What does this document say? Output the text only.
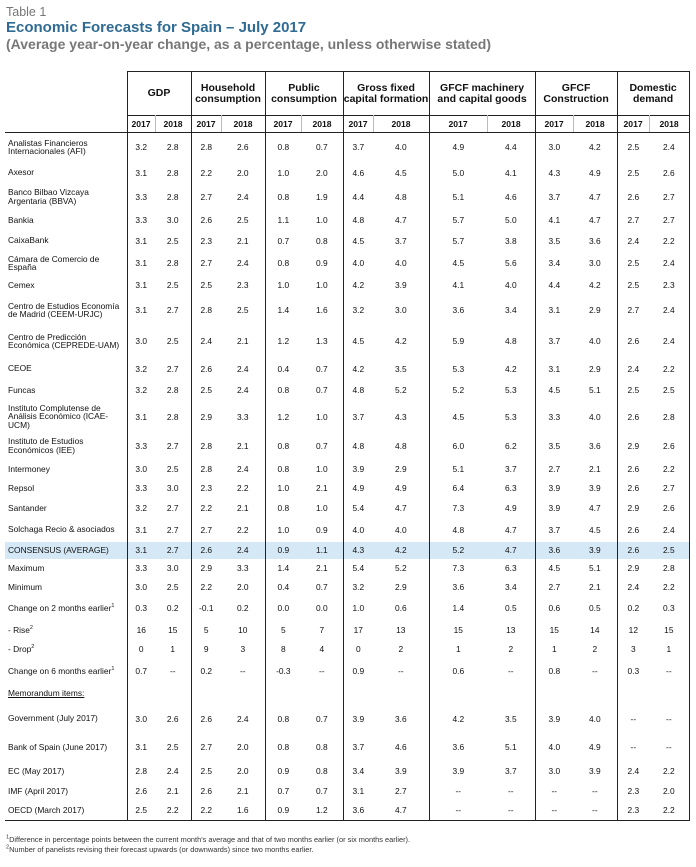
Table 1
Economic Forecasts for Spain – July 2017
(Average year-on-year change, as a percentage, unless otherwise stated)
	GDP		Household consumption		Public consumption		Gross fixed capital formation		GFCF machinery and capital goods		GFCF Construction		Domestic demand	
	2017	2018	2017	2018	2017	2018	2017	2018	2017	2018	2017	2018	2017	2018
Analistas Financieros Internacionales (AFI)	3.2	2.8	2.8	2.6	0.8	0.7	3.7	4.0	4.9	4.4	3.0	4.2	2.5	2.4
Axesor	3.1	2.8	2.2	2.0	1.0	2.0	4.6	4.5	5.0	4.1	4.3	4.9	2.5	2.6
Banco Bilbao Vizcaya Argentaria (BBVA)	3.3	2.8	2.7	2.4	0.8	1.9	4.4	4.8	5.1	4.6	3.7	4.7	2.6	2.7
Bankia	3.3	3.0	2.6	2.5	1.1	1.0	4.8	4.7	5.7	5.0	4.1	4.7	2.7	2.7
CaixaBank	3.1	2.5	2.3	2.1	0.7	0.8	4.5	3.7	5.7	3.8	3.5	3.6	2.4	2.2
Cámara de Comercio de España	3.1	2.8	2.7	2.4	0.8	0.9	4.0	4.0	4.5	5.6	3.4	3.0	2.5	2.4
Cemex	3.1	2.5	2.5	2.3	1.0	1.0	4.2	3.9	4.1	4.0	4.4	4.2	2.5	2.3
Centro de Estudios Economía de Madrid (CEEM-URJC)	3.1	2.7	2.8	2.5	1.4	1.6	3.2	3.0	3.6	3.4	3.1	2.9	2.7	2.4
Centro de Predicción Económica (CEPREDE-UAM)	3.0	2.5	2.4	2.1	1.2	1.3	4.5	4.2	5.9	4.8	3.7	4.0	2.6	2.4
CEOE	3.2	2.7	2.6	2.4	0.4	0.7	4.2	3.5	5.3	4.2	3.1	2.9	2.4	2.2
Funcas	3.2	2.8	2.5	2.4	0.8	0.7	4.8	5.2	5.2	5.3	4.5	5.1	2.5	2.5
Instituto Complutense de Análisis Económico (ICAE-UCM)	3.1	2.8	2.9	3.3	1.2	1.0	3.7	4.3	4.5	5.3	3.3	4.0	2.6	2.8
Instituto de Estudios Económicos (IEE)	3.3	2.7	2.8	2.1	0.8	0.7	4.8	4.8	6.0	6.2	3.5	3.6	2.9	2.6
Intermoney	3.0	2.5	2.8	2.4	0.8	1.0	3.9	2.9	5.1	3.7	2.7	2.1	2.6	2.2
Repsol	3.3	3.0	2.3	2.2	1.0	2.1	4.9	4.9	6.4	6.3	3.9	3.9	2.6	2.7
Santander	3.2	2.7	2.2	2.1	0.8	1.0	5.4	4.7	7.3	4.9	3.9	4.7	2.9	2.6
Solchaga Recio & asociados	3.1	2.7	2.7	2.2	1.0	0.9	4.0	4.0	4.8	4.7	3.7	4.5	2.6	2.4
CONSENSUS (AVERAGE)	3.1	2.7	2.6	2.4	0.9	1.1	4.3	4.2	5.2	4.7	3.6	3.9	2.6	2.5
Maximum	3.3	3.0	2.9	3.3	1.4	2.1	5.4	5.2	7.3	6.3	4.5	5.1	2.9	2.8
Minimum	3.0	2.5	2.2	2.0	0.4	0.7	3.2	2.9	3.6	3.4	2.7	2.1	2.4	2.2
Change on 2 months earlier$^1$	0.3	0.2	-0.1	0.2	0.0	0.0	1.0	0.6	1.4	0.5	0.6	0.5	0.2	0.3
- Rise$^2$	16	15	5	10	5	7	17	13	15	13	15	14	12	15
- Drop$^2$	0	1	9	3	8	4	0	2	1	2	1	2	3	1
Change on 6 months earlier$^1$	0.7	--	0.2	--	-0.3	--	0.9	--	0.6	--	0.8	--	0.3	--
Memorandum items:														
Government (July 2017)	3.0	2.6	2.6	2.4	0.8	0.7	3.9	3.6	4.2	3.5	3.9	4.0	--	--
Bank of Spain (June 2017)	3.1	2.5	2.7	2.0	0.8	0.8	3.7	4.6	3.6	5.1	4.0	4.9	--	--
EC (May 2017)	2.8	2.4	2.5	2.0	0.9	0.8	3.4	3.9	3.9	3.7	3.0	3.9	2.4	2.2
IMF (April 2017)	2.6	2.1	2.6	2.1	0.7	0.7	3.1	2.7	--	--	--	--	2.3	2.0
OECD (March 2017)	2.5	2.2	2.2	1.6	0.9	1.2	3.6	4.7	--	--	--	--	2.3	2.2
$^1$Difference in percentage points between the current month's average and that of two months earlier (or six months earlier).
$^2$Number of panelists revising their forecast upwards (or downwards) since two months earlier.
